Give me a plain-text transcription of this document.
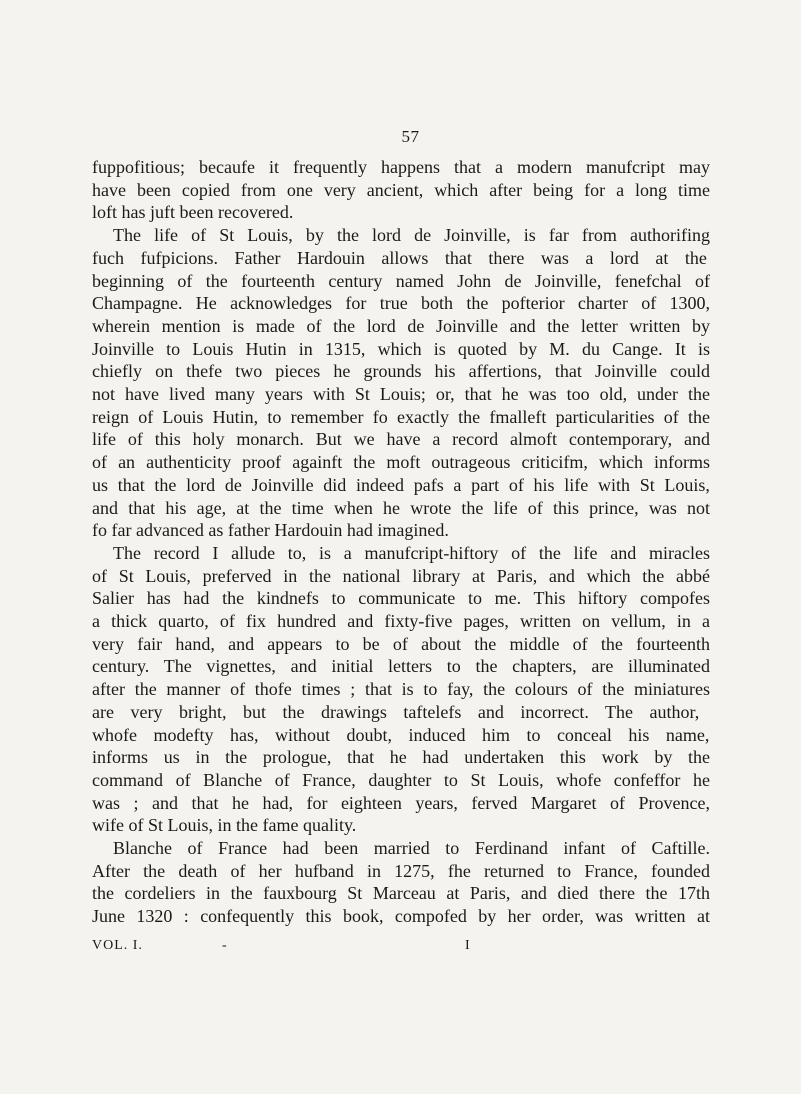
57
fuppofitious; becaufe it frequently happens that a modern manufcript may
have been copied from one very ancient, which after being for a long time
loft has juft been recovered.
The life of St Louis, by the lord de Joinville, is far from authorifing
fuch fufpicions. Father Hardouin allows that there was a lord at the
beginning of the fourteenth century named John de Joinville, fenefchal of
Champagne. He acknowledges for true both the pofterior charter of 1300,
wherein mention is made of the lord de Joinville and the letter written by
Joinville to Louis Hutin in 1315, which is quoted by M. du Cange. It is
chiefly on thefe two pieces he grounds his affertions, that Joinville could
not have lived many years with St Louis; or, that he was too old, under the
reign of Louis Hutin, to remember fo exactly the fmalleft particularities of the
life of this holy monarch. But we have a record almoft contemporary, and
of an authenticity proof againft the moft outrageous criticifm, which informs
us that the lord de Joinville did indeed pafs a part of his life with St Louis,
and that his age, at the time when he wrote the life of this prince, was not
fo far advanced as father Hardouin had imagined.
The record I allude to, is a manufcript-hiftory of the life and miracles
of St Louis, preferved in the national library at Paris, and which the abbé
Salier has had the kindnefs to communicate to me. This hiftory compofes
a thick quarto, of fix hundred and fixty-five pages, written on vellum, in a
very fair hand, and appears to be of about the middle of the fourteenth
century. The vignettes, and initial letters to the chapters, are illuminated
after the manner of thofe times ; that is to fay, the colours of the miniatures
are very bright, but the drawings taftelefs and incorrect. The author,
whofe modefty has, without doubt, induced him to conceal his name,
informs us in the prologue, that he had undertaken this work by the
command of Blanche of France, daughter to St Louis, whofe confeffor he
was ; and that he had, for eighteen years, ferved Margaret of Provence,
wife of St Louis, in the fame quality.
Blanche of France had been married to Ferdinand infant of Caftille.
After the death of her hufband in 1275, fhe returned to France, founded
the cordeliers in the fauxbourg St Marceau at Paris, and died there the 17th
June 1320 : confequently this book, compofed by her order, was written at
VOL. I.	-	I
